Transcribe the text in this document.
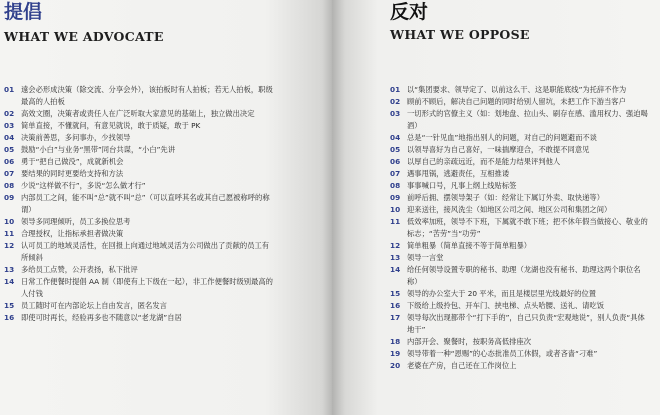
提倡
WHAT WE ADVOCATE
01 遠会必形成決策（除交流、分享会外），该拍板时有人拍板；若无人拍板，职级最高的人拍板
02 高效文圈，决策者或责任人在广泛听取大家意见的基础上，独立做出决定
03 简单直接，不懂就问，有意见就说，敢于质疑，敢于 PK
04 决策前善思，多问事办，少找领导
05 鼓励“小白”与业务“黑带”同台共谋，“小白”先讲
06 勇于“把自己做没”，成就新机会
07 要结果的同时更要给支持和方法
08 少说“这样做不行”，多说“怎么做才行”
09 内部员工之间，能不叫“总”就不叫“总”（可以直呼其名或其自己愿被称呼的称谓）
10 领导多同理倾听，员工多换位思考
11 合理授权，让指标承担者做决策
12 认可员工的地域灵活性，在回报上向通过地域灵活为公司做出了贡献的员工有所倾斜
13 多给员工点赞，公开表扬，私下批评
14 日常工作便餐时提倡 AA 制（即使有上下级在一起），非工作便餐时级别最高的人付钱
15 员工随时可在内部论坛上自由发言，匿名发言
16 即使可时再长，经验再多也不随意以“老龙湖”自居
反对
WHAT WE OPPOSE
01 以“集团要求、领导定了、以前这么干、这是职能底线”为托辞不作为
02 顾前不顾后，解决自己问题的同时给别人留坑，未把工作下游当客户
03 一切形式的官僚主义（如：划地盘、拉山头、刷存在感、滥用权力、强迫喝酒）
04 总是“一针见血”地指出别人的问题，对自己的问题避而不谈
05 以领导喜好为自己喜好，一味揣摩迎合，不敢提不同意见
06 以厚自己的亲疏远近，而不是能力结果评判他人
07 遇事甩锅，逃避责任，互相推诿
08 事事喊口号，凡事上纲上线贴标签
09 前呼后拥、摆领导架子（如：经常让下属订外卖、取快递等）
10 迎来送往，接风洗尘（如地区公司之间、地区公司和集团之间）
11 低效率加班，领导不下班，下属就不敢下班；把不休年假当做接心、敬业的标志；“苦劳”当“功劳”
12 简单粗暴（简单直接不等于简单粗暴）
13 领导一言堂
14 给任何领导设置专职的秘书、助理（龙湖也没有秘书、助理这两个职位名称）
15 领导的办公室大于 20 平米，而且是楼层里光线最好的位置
16 下级给上级拎包、开车门、挟电梯、点头哈腰、送礼、请吃饭
17 领导每次出现都带个“打下手的”，自己只负责“宏观地说”，别人负责“具体地干”
18 内部开会、聚餐时，按职务高低排座次
19 领导带着一种“恩赐”的心态批准员工休假，或者吝啬“刁难”
20 老婆在产房，自己还在工作岗位上
